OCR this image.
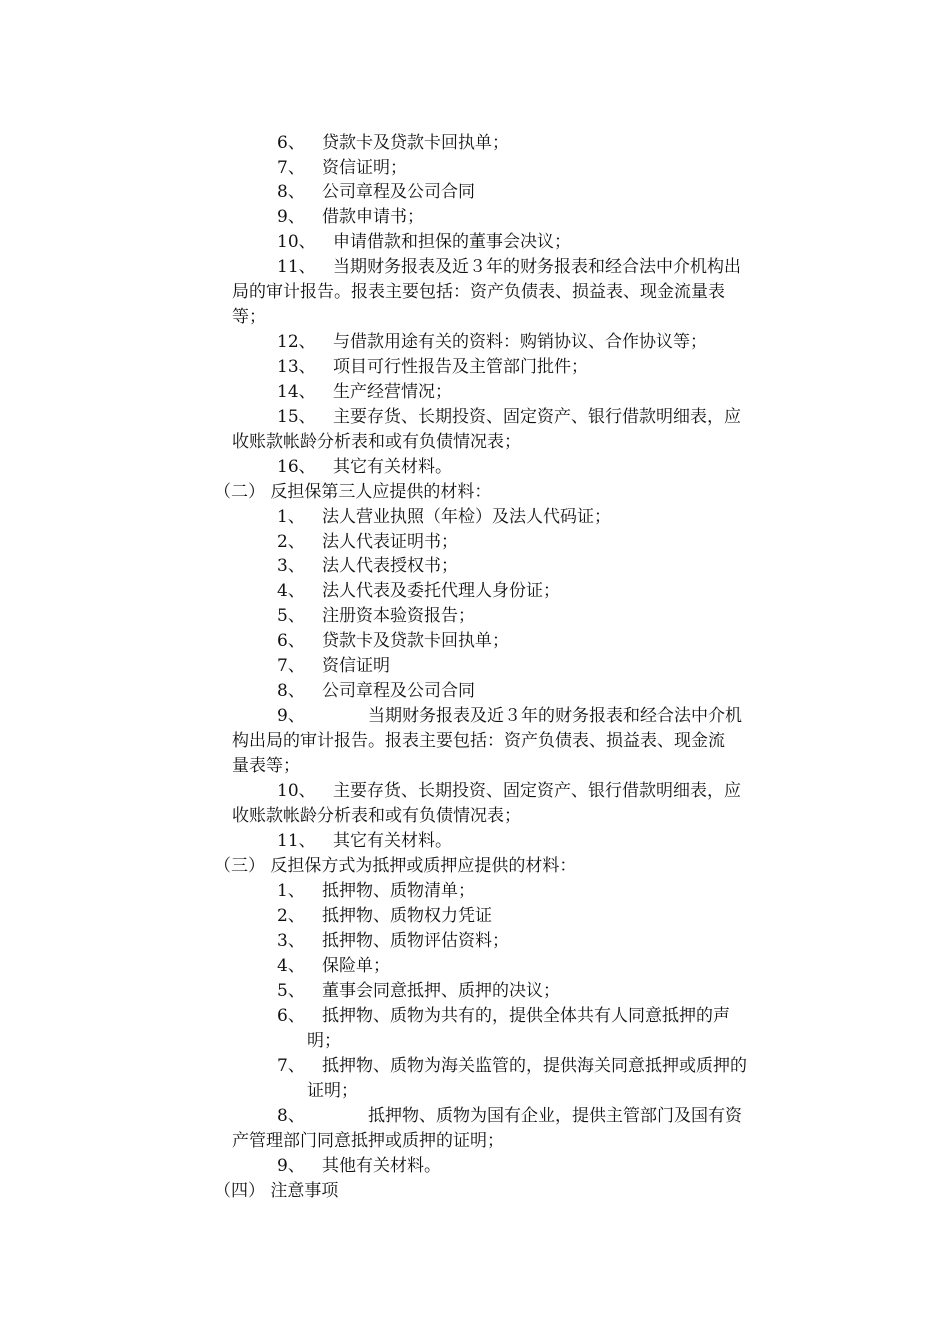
6、 贷款卡及贷款卡回执单；
7、 资信证明；
8、 公司章程及公司合同
9、 借款申请书；
10、 申请借款和担保的董事会决议；
11、 当期财务报表及近３年的财务报表和经合法中介机构出
局的审计报告。报表主要包括：资产负债表、损益表、现金流量表
等；
12、 与借款用途有关的资料：购销协议、合作协议等；
13、 项目可行性报告及主管部门批件；
14、 生产经营情况；
15、 主要存货、长期投资、固定资产、银行借款明细表，应
收账款帐龄分析表和或有负债情况表；
16、 其它有关材料。
（二） 反担保第三人应提供的材料：
1、 法人营业执照（年检）及法人代码证；
2、 法人代表证明书；
3、 法人代表授权书；
4、 法人代表及委托代理人身份证；
5、 注册资本验资报告；
6、 贷款卡及贷款卡回执单；
7、 资信证明
8、 公司章程及公司合同
9、	当期财务报表及近３年的财务报表和经合法中介机
构出局的审计报告。报表主要包括：资产负债表、损益表、现金流
量表等；
10、 主要存货、长期投资、固定资产、银行借款明细表，应
收账款帐龄分析表和或有负债情况表；
11、 其它有关材料。
（三） 反担保方式为抵押或质押应提供的材料：
1、 抵押物、质物清单；
2、 抵押物、质物权力凭证
3、 抵押物、质物评估资料；
4、 保险单；
5、 董事会同意抵押、质押的决议；
6、 抵押物、质物为共有的，提供全体共有人同意抵押的声
明；
7、 抵押物、质物为海关监管的，提供海关同意抵押或质押的
证明；
8、	抵押物、质物为国有企业，提供主管部门及国有资
产管理部门同意抵押或质押的证明；
9、 其他有关材料。
（四） 注意事项
